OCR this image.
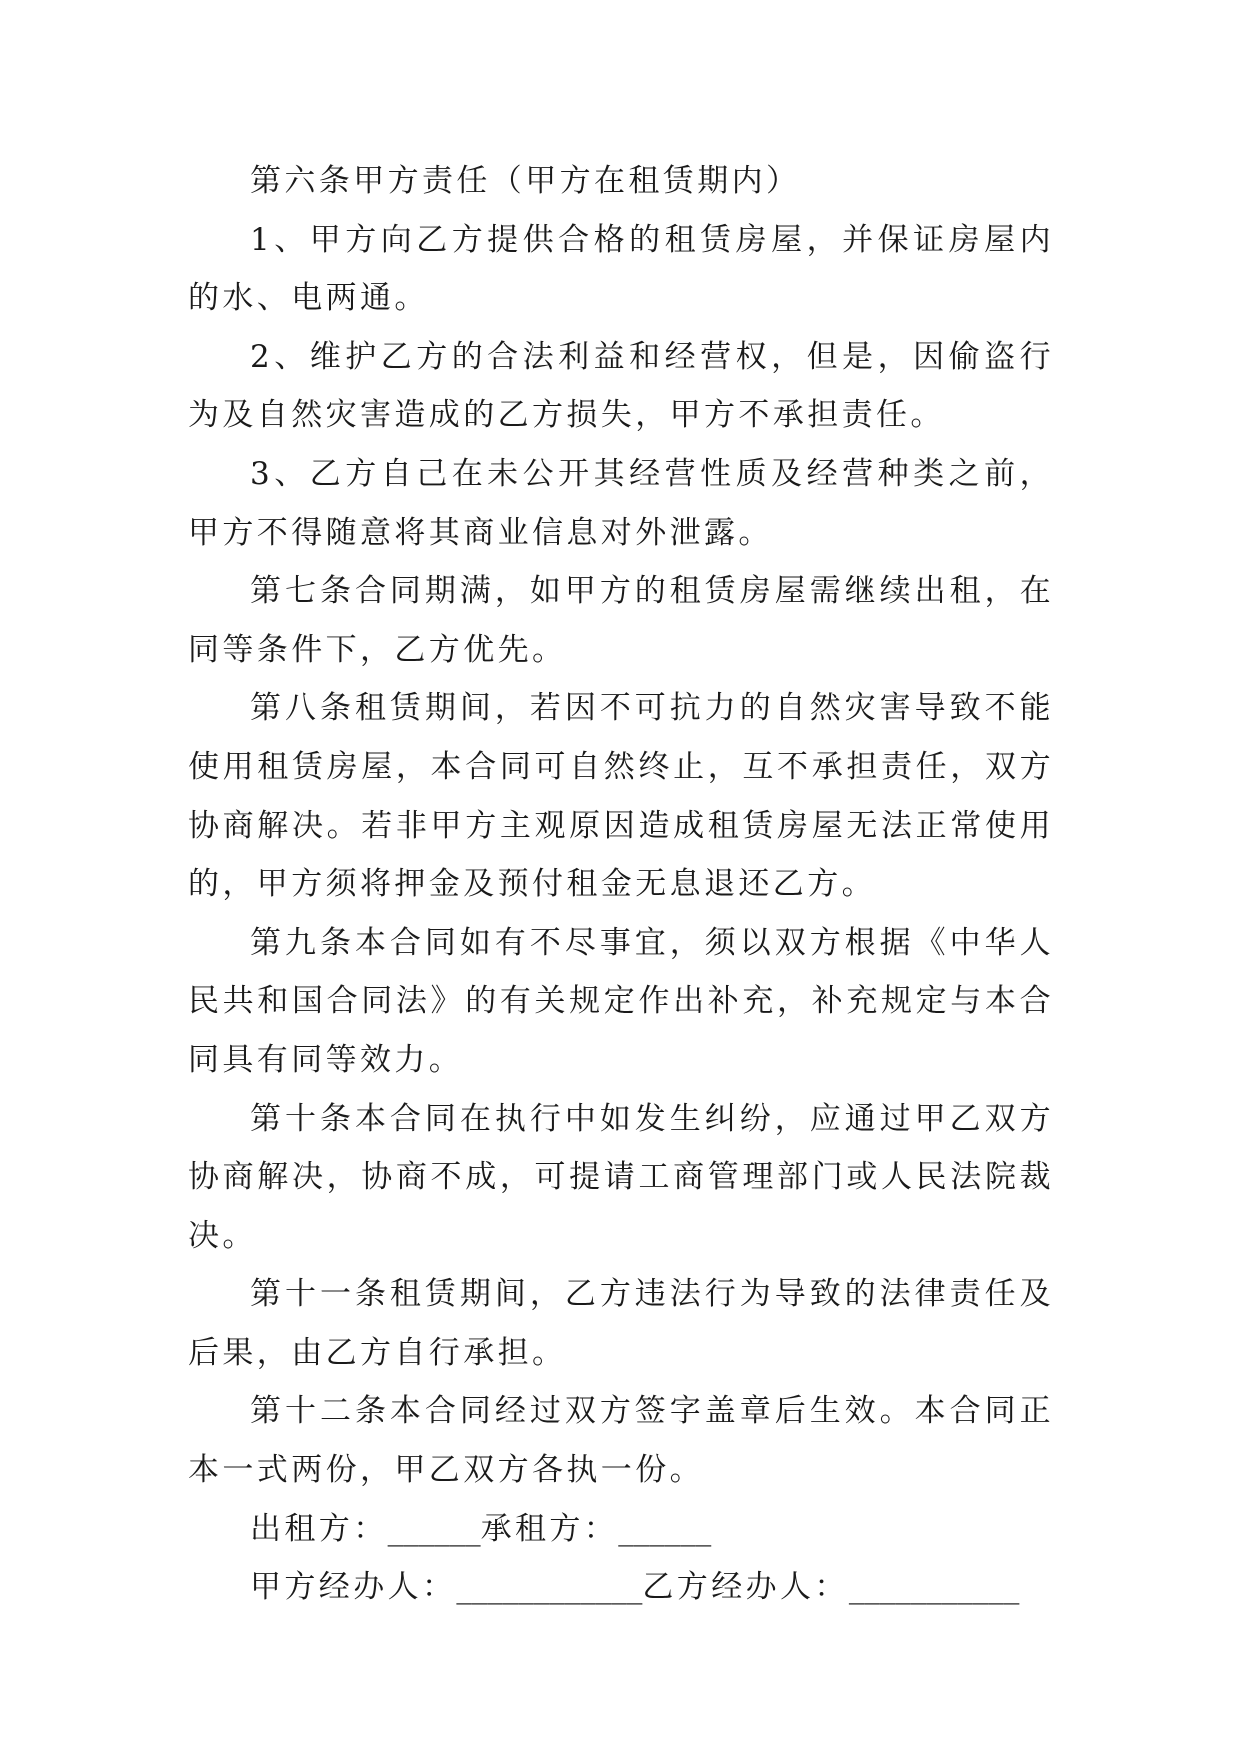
第六条甲方责任（甲方在租赁期内）

1、甲方向乙方提供合格的租赁房屋，并保证房屋内的水、电两通。

2、维护乙方的合法利益和经营权，但是，因偷盗行为及自然灾害造成的乙方损失，甲方不承担责任。

3、乙方自己在未公开其经营性质及经营种类之前，甲方不得随意将其商业信息对外泄露。

第七条合同期满，如甲方的租赁房屋需继续出租，在同等条件下，乙方优先。

第八条租赁期间，若因不可抗力的自然灾害导致不能使用租赁房屋，本合同可自然终止，互不承担责任，双方协商解决。若非甲方主观原因造成租赁房屋无法正常使用的，甲方须将押金及预付租金无息退还乙方。

第九条本合同如有不尽事宜，须以双方根据《中华人民共和国合同法》的有关规定作出补充，补充规定与本合同具有同等效力。

第十条本合同在执行中如发生纠纷，应通过甲乙双方协商解决，协商不成，可提请工商管理部门或人民法院裁决。

第十一条租赁期间，乙方违法行为导致的法律责任及后果，由乙方自行承担。

第十二条本合同经过双方签字盖章后生效。本合同正本一式两份，甲乙双方各执一份。

出租方：______承租方：______

甲方经办人：____________乙方经办人：___________
